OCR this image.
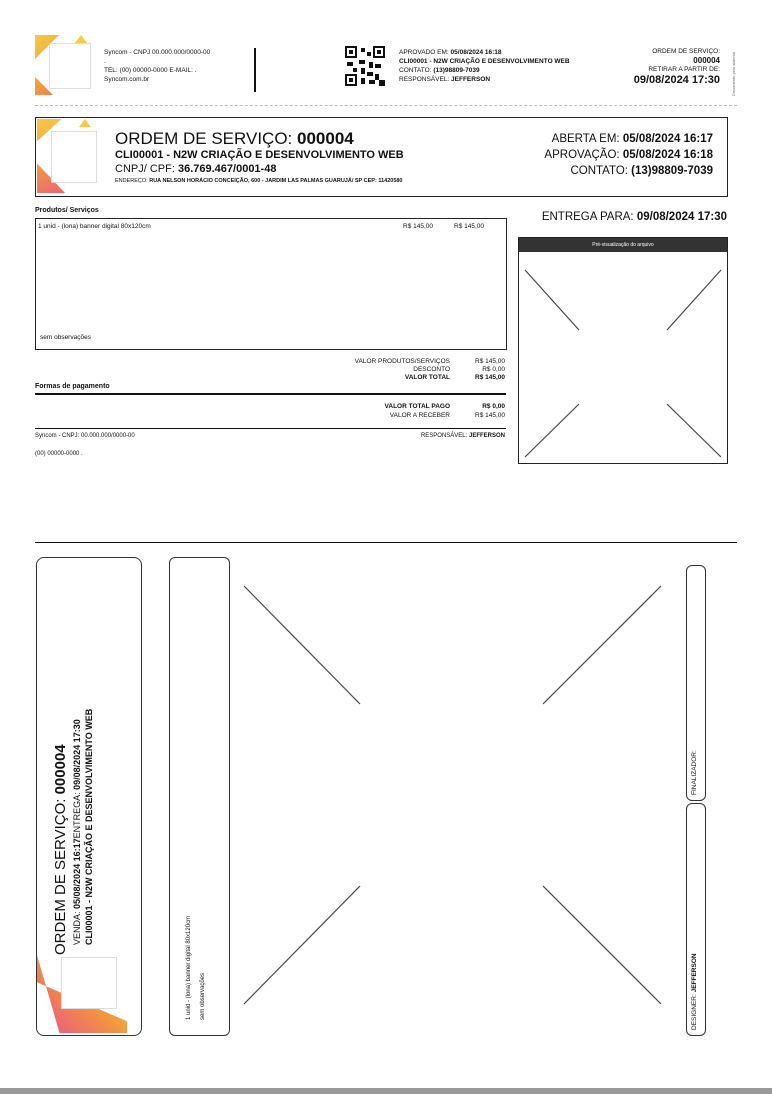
Syncom - CNPJ 00.000.000/0000-00
.
TEL: (00) 00000-0000 E-MAIL: .
Syncom.com.br
APROVADO EM: 05/08/2024 16:18
CLI00001 - N2W CRIAÇÃO E DESENVOLVIMENTO WEB
CONTATO: (13)98809-7039
RESPONSÁVEL: JEFFERSON
ORDEM DE SERVIÇO:
000004
RETIRAR A PARTIR DE:
09/08/2024 17:30	Documento pelo sistema
ORDEM DE SERVIÇO: 000004
CLI00001 - N2W CRIAÇÃO E DESENVOLVIMENTO WEB
CNPJ/ CPF: 36.769.467/0001-48
ENDEREÇO: RUA NELSON HORÁCIO CONCEIÇÃO, 600 - JARDIM LAS PALMAS GUARUJÁ/ SP CEP: 11420580
ABERTA EM: 05/08/2024 16:17
APROVAÇÃO: 05/08/2024 16:18
CONTATO: (13)98809-7039
Produtos/ Serviços
1 unid - (lona) banner digital 80x120cm	R$ 145,00	R$ 145,00
sem observações
VALOR PRODUTOS/SERVIÇOS	R$ 145,00
DESCONTO	R$ 0,00
VALOR TOTAL	R$ 145,00
Formas de pagamento
VALOR TOTAL PAGO	R$ 0,00
VALOR A RECEBER	R$ 145,00
Syncom - CNPJ: 00.000.000/0000-00	RESPONSÁVEL: JEFFERSON
(00) 00000-0000 .
ENTREGA PARA: 09/08/2024 17:30
Pré-visualização do arquivo
ORDEM DE SERVIÇO: 000004
VENDA: 05/08/2024 16:17ENTREGA: 09/08/2024 17:30 CLI00001 - N2W CRIAÇÃO E DESENVOLVIMENTO WEB
1 unid - (lona) banner digital 80x120cm sem observações
FINALIZADOR:
DESIGNER: JEFFERSON
